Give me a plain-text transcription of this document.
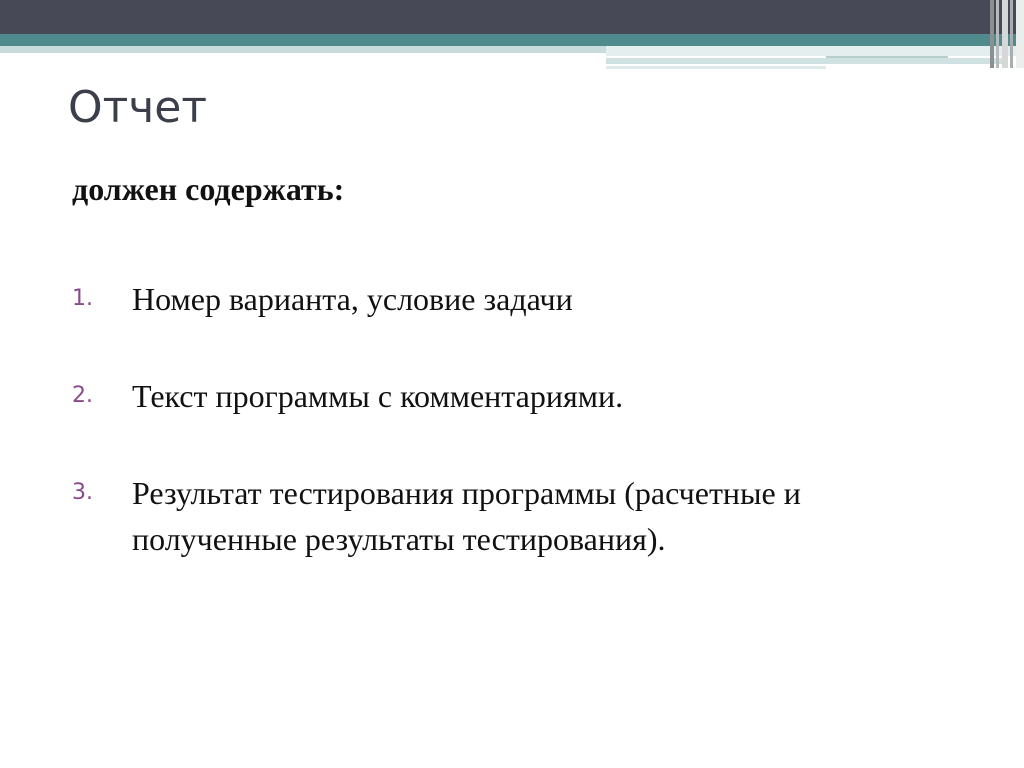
Отчет

должен содержать:

1.	Номер варианта, условие задачи
2.	Текст программы с комментариями.
3.	Результат тестирования программы (расчетные и полученные результаты тестирования).
